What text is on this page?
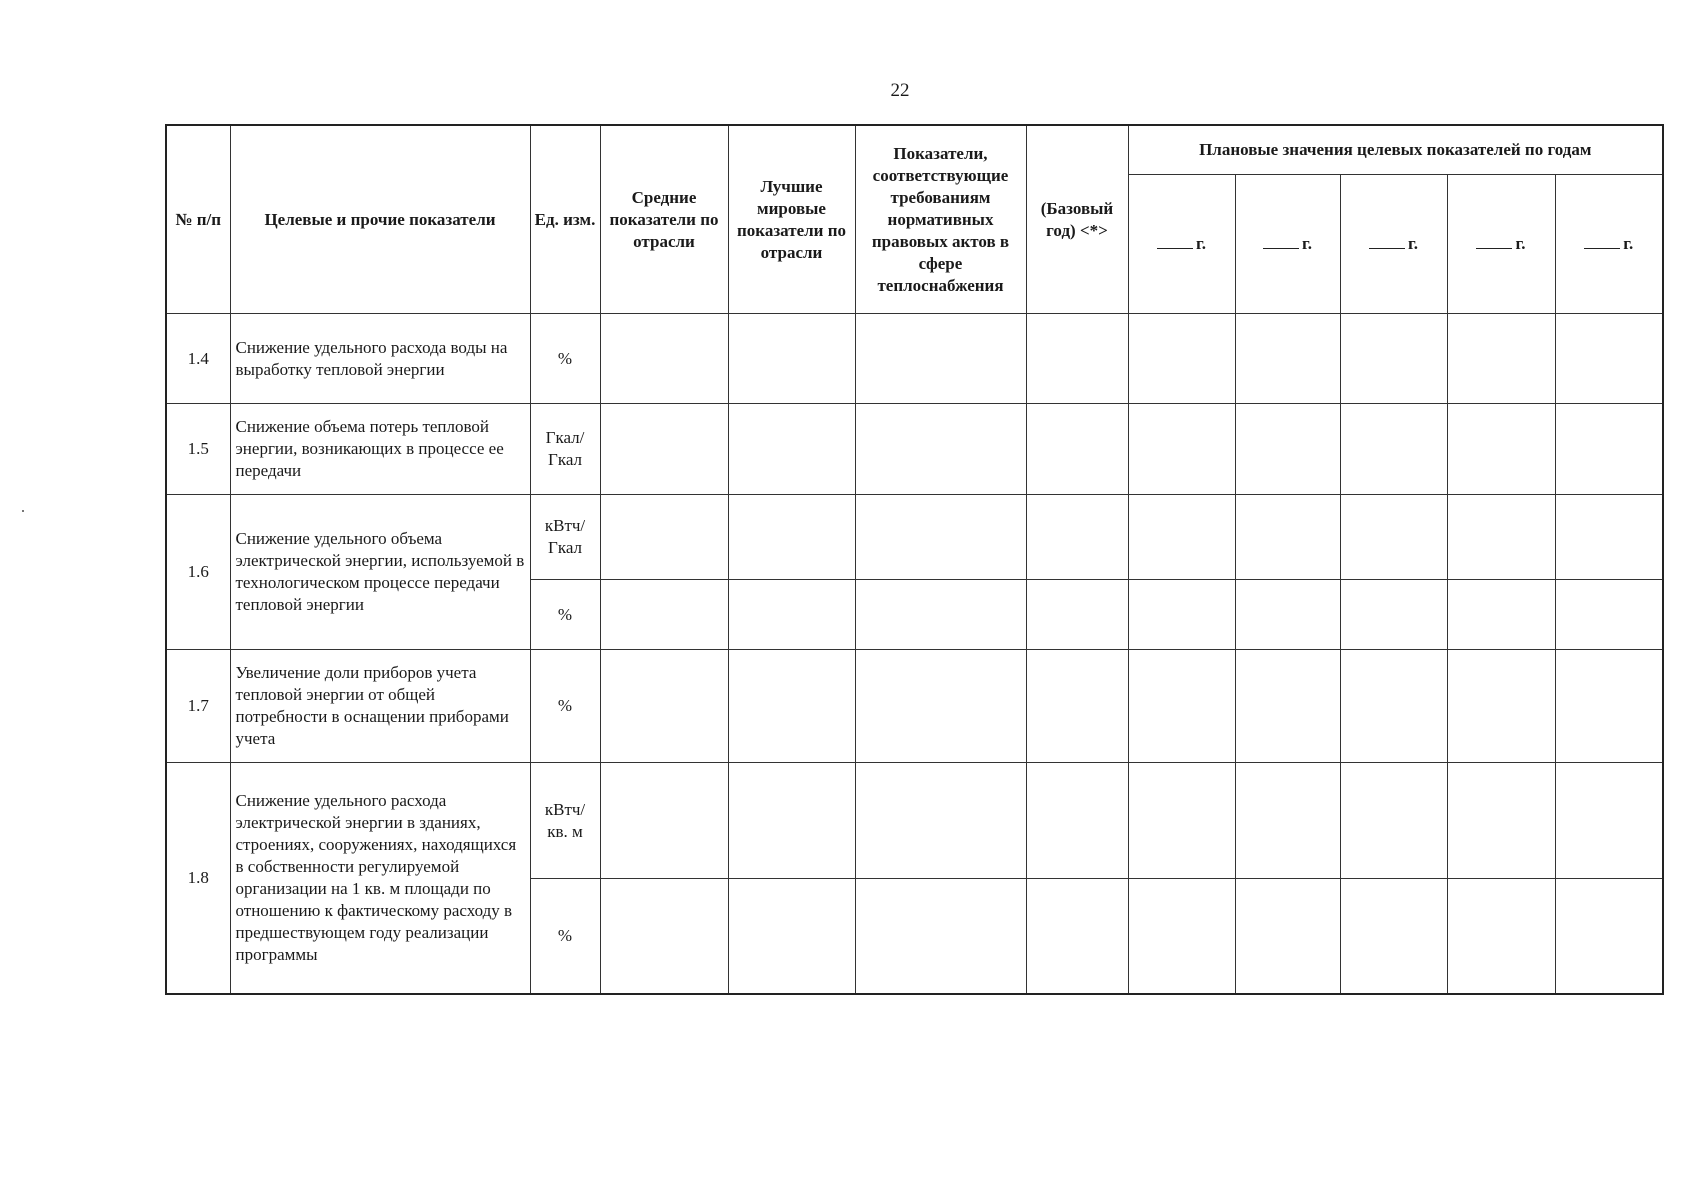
22
№ п/п	Целевые и прочие показатели	Ед. изм.	Средние показатели по отрасли	Лучшие мировые показатели по отрасли	Показатели, соответствующие требованиям нормативных правовых актов в сфере теплоснабжения	(Базовый год) <*>	Плановые значения целевых показателей по годам				
							г.	г.	г.	г.	г.
1.4	Снижение удельного расхода воды на выработку тепловой энергии	%									
1.5	Снижение объема потерь тепловой энергии, возникающих в процессе ее передачи	Гкал/ Гкал									
1.6	Снижение удельного объема электрической энергии, используемой в технологическом процессе передачи тепловой энергии	кВтч/ Гкал									
		%									
1.7	Увеличение доли приборов учета тепловой энергии от общей потребности в оснащении приборами учета	%									
1.8	Снижение удельного расхода электрической энергии в зданиях, строениях, сооружениях, находящихся в собственности регулируемой организации на 1 кв. м площади по отношению к фактическому расходу в предшествующем году реализации программы	кВтч/ кв. м									
		%									
